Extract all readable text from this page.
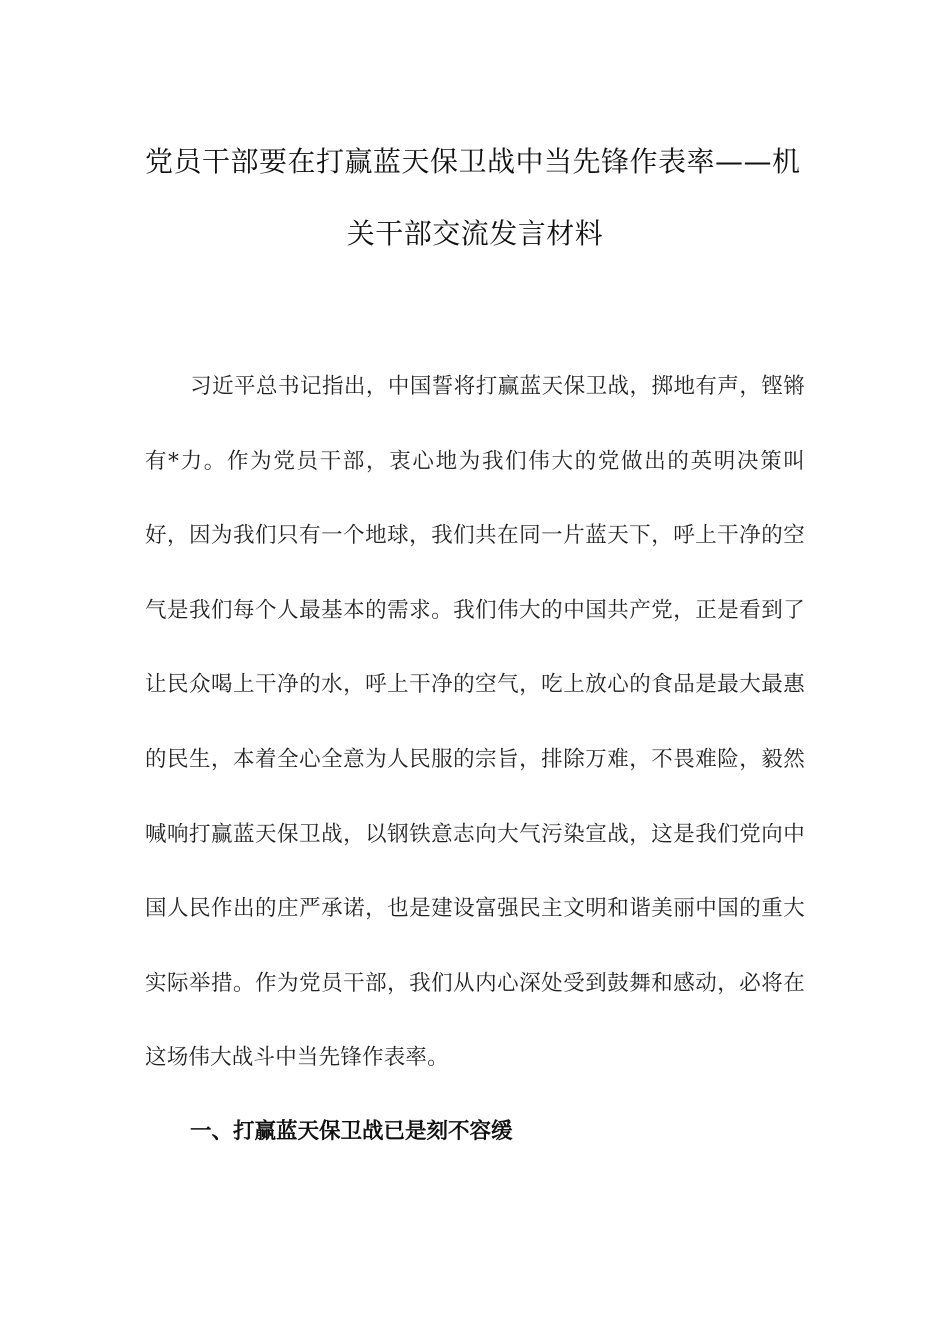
党员干部要在打赢蓝天保卫战中当先锋作表率——机
关干部交流发言材料

习近平总书记指出，中国誓将打赢蓝天保卫战，掷地有声，铿锵有*力。作为党员干部，衷心地为我们伟大的党做出的英明决策叫好，因为我们只有一个地球，我们共在同一片蓝天下，呼上干净的空气是我们每个人最基本的需求。我们伟大的中国共产党，正是看到了让民众喝上干净的水，呼上干净的空气，吃上放心的食品是最大最惠的民生，本着全心全意为人民服的宗旨，排除万难，不畏难险，毅然喊响打赢蓝天保卫战，以钢铁意志向大气污染宣战，这是我们党向中国人民作出的庄严承诺，也是建设富强民主文明和谐美丽中国的重大实际举措。作为党员干部，我们从内心深处受到鼓舞和感动，必将在这场伟大战斗中当先锋作表率。

一、打赢蓝天保卫战已是刻不容缓
